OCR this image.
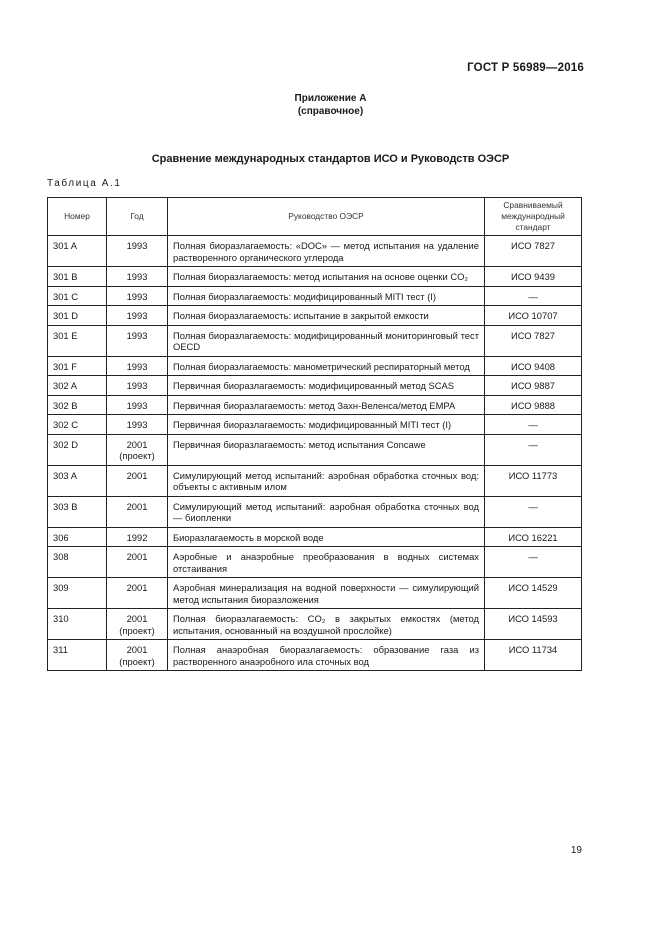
ГОСТ Р 56989—2016
Приложение А
(справочное)
Сравнение международных стандартов ИСО и Руководств ОЭСР
Таблица А.1
Номер	Год	Руководство ОЭСР	Сравниваемый международный стандарт
301 A	1993	Полная биоразлагаемость: «DOC» — метод испытания на удаление растворенного органического углерода	ИСО 7827
301 B	1993	Полная биоразлагаемость: метод испытания на основе оценки CO₂	ИСО 9439
301 C	1993	Полная биоразлагаемость: модифицированный MITI тест (I)	—
301 D	1993	Полная биоразлагаемость: испытание в закрытой емкости	ИСО 10707
301 E	1993	Полная биоразлагаемость: модифицированный мониторинговый тест OECD	ИСО 7827
301 F	1993	Полная биоразлагаемость: манометрический респираторный метод	ИСО 9408
302 A	1993	Первичная биоразлагаемость: модифицированный метод SCAS	ИСО 9887
302 B	1993	Первичная биоразлагаемость: метод Захн-Веленса/метод ЕМРА	ИСО 9888
302 C	1993	Первичная биоразлагаемость: модифицированный MITI тест (I)	—
302 D	2001 (проект)	Первичная биоразлагаемость: метод испытания Concawe	—
303 A	2001	Симулирующий метод испытаний: аэробная обработка сточных вод: объекты с активным илом	ИСО 11773
303 B	2001	Симулирующий метод испытаний: аэробная обработка сточных вод — биопленки	—
306	1992	Биоразлагаемость в морской воде	ИСО 16221
308	2001	Аэробные и анаэробные преобразования в водных системах отстаивания	—
309	2001	Аэробная минерализация на водной поверхности — симулирующий метод испытания биоразложения	ИСО 14529
310	2001 (проект)	Полная биоразлагаемость: CO₂ в закрытых емкостях (метод испытания, основанный на воздушной прослойке)	ИСО 14593
311	2001 (проект)	Полная анаэробная биоразлагаемость: образование газа из растворенного анаэробного ила сточных вод	ИСО 11734
19
